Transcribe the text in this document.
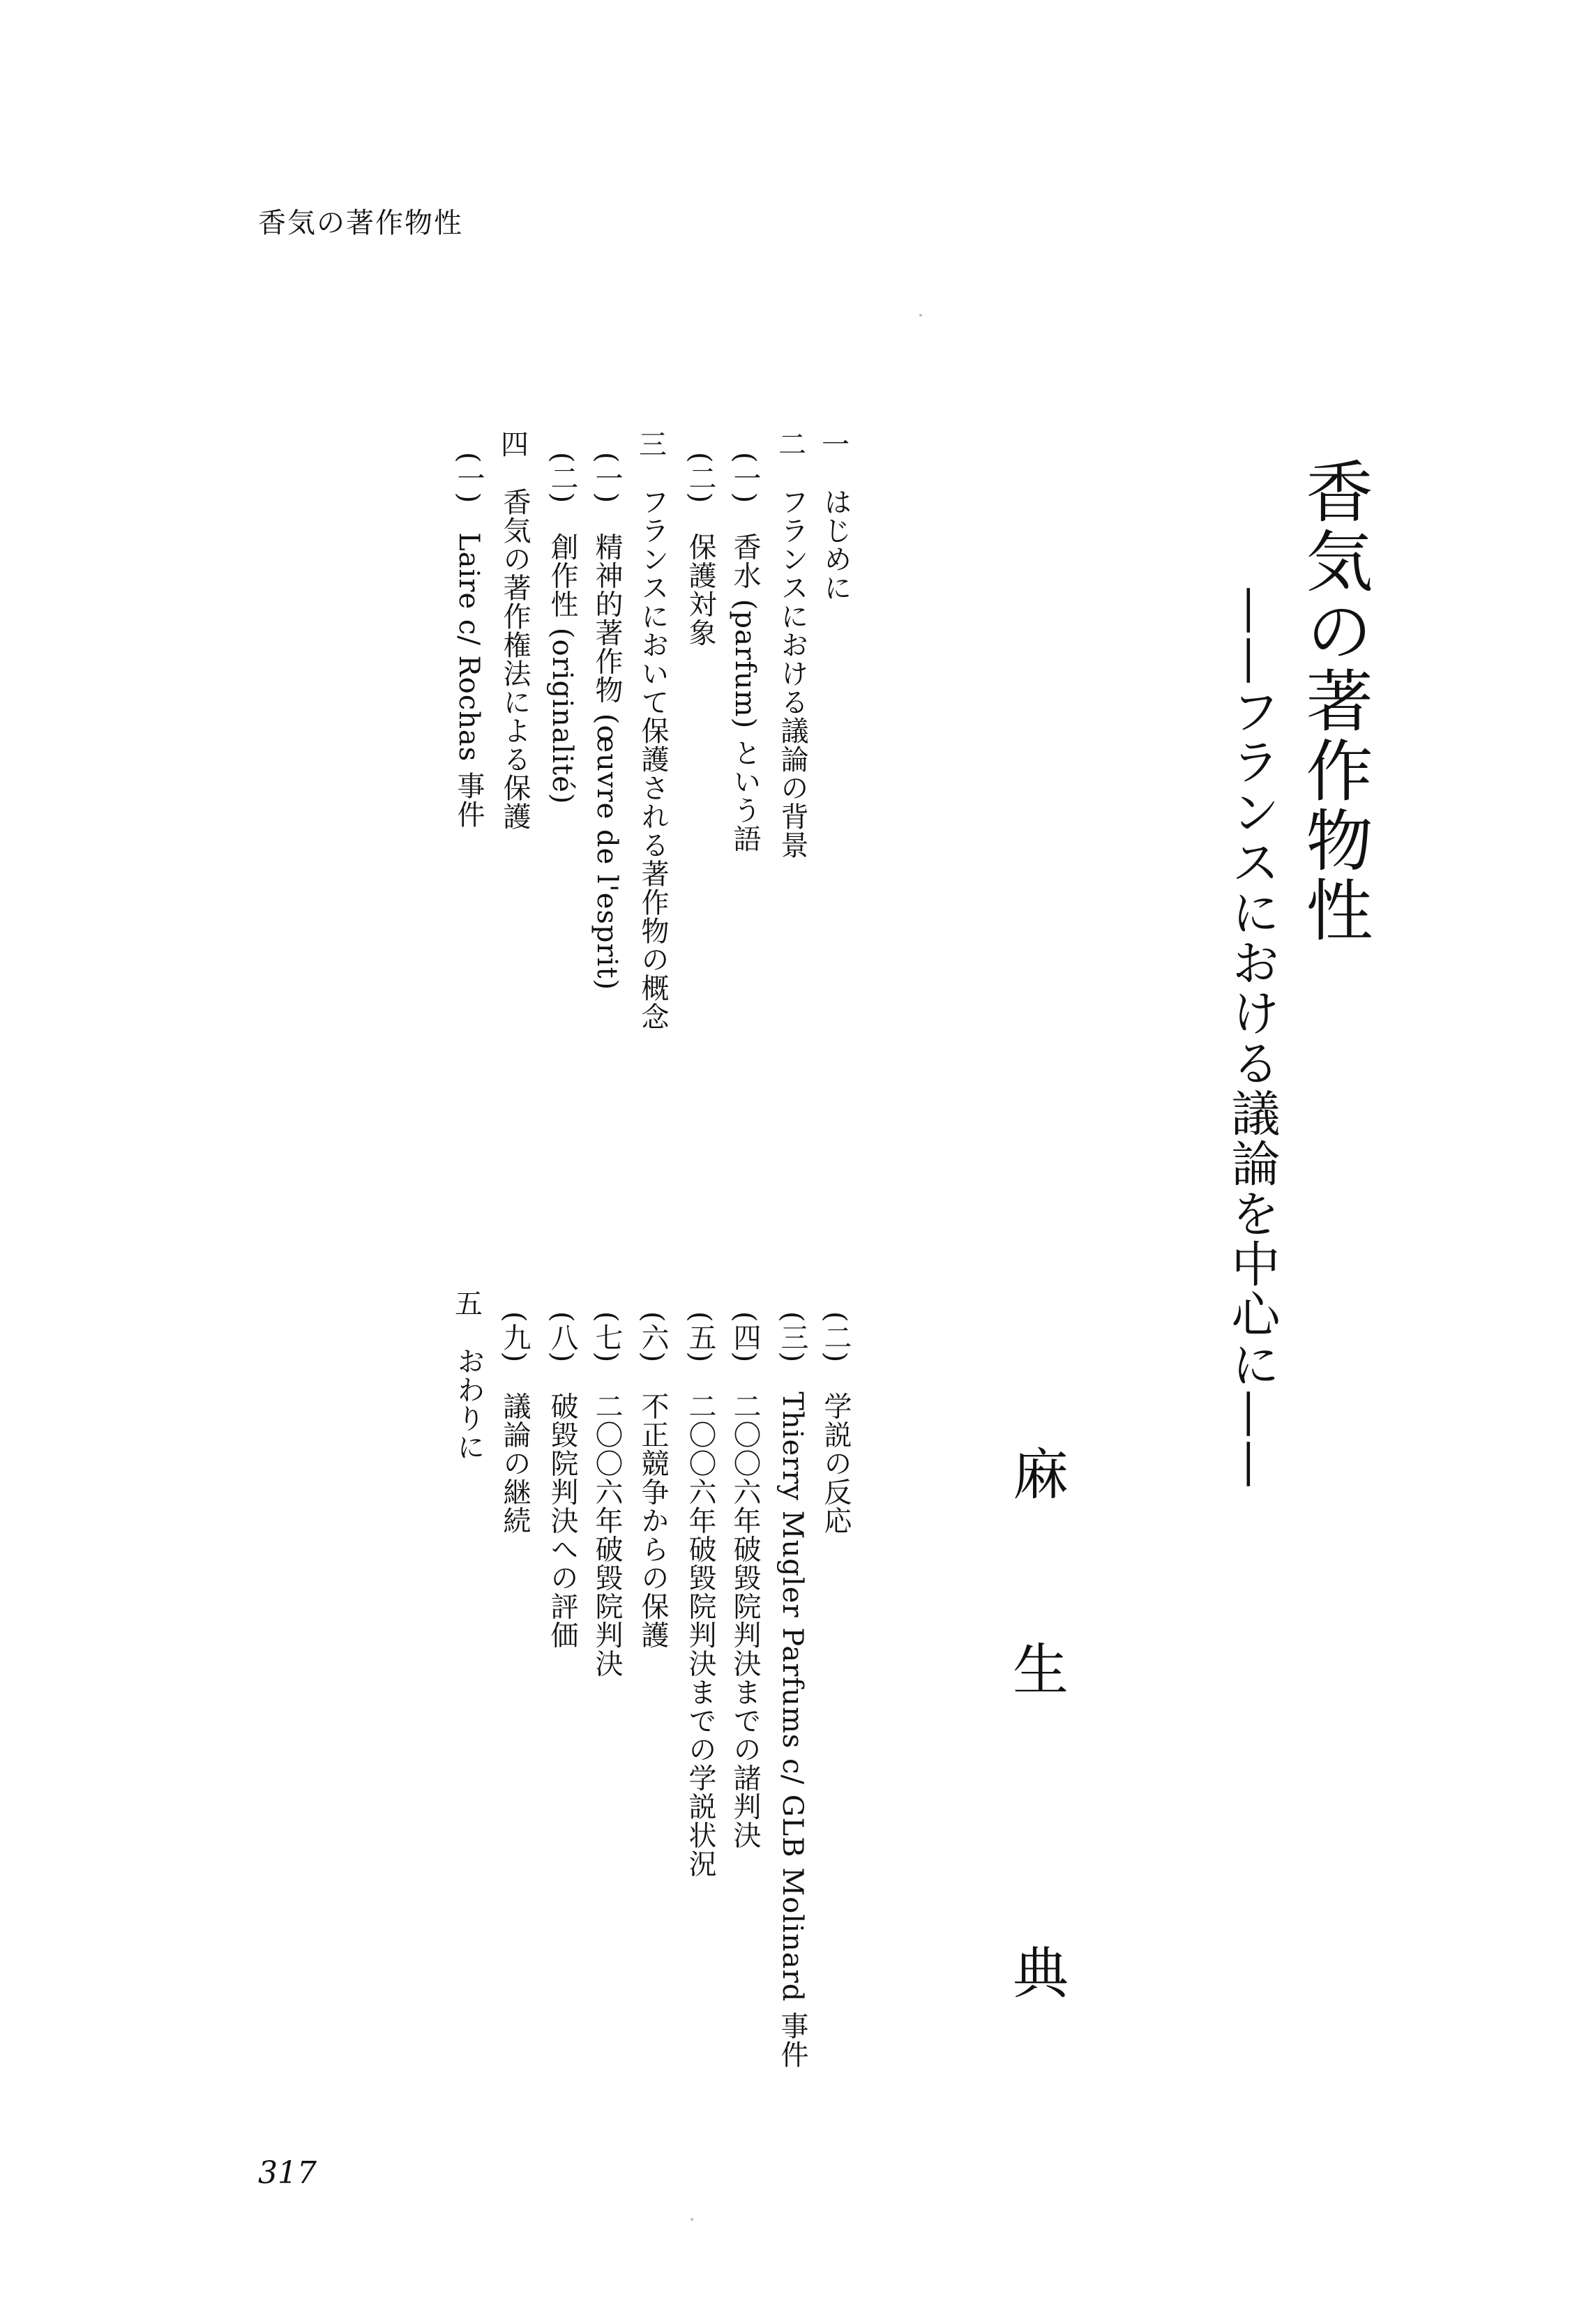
香気の著作物性
香気の著作物性
——フランスにおける議論を中心に——
麻
生
典
一　はじめに
二　フランスにおける議論の背景
(一)　香水 (parfum) という語
(二)　保護対象
三　フランスにおいて保護される著作物の概念
(一)　精神的著作物 (œuvre de l'esprit)
(二)　創作性 (originalité)
四　香気の著作権法による保護
(一)　Laire c/ Rochas 事件
(二)　学説の反応
(三)　Thierry Mugler Parfums c/ GLB Molinard 事件
(四)　二〇〇六年破毀院判決までの諸判決
(五)　二〇〇六年破毀院判決までの学説状況
(六)　不正競争からの保護
(七)　二〇〇六年破毀院判決
(八)　破毀院判決への評価
(九)　議論の継続
五　おわりに
317
